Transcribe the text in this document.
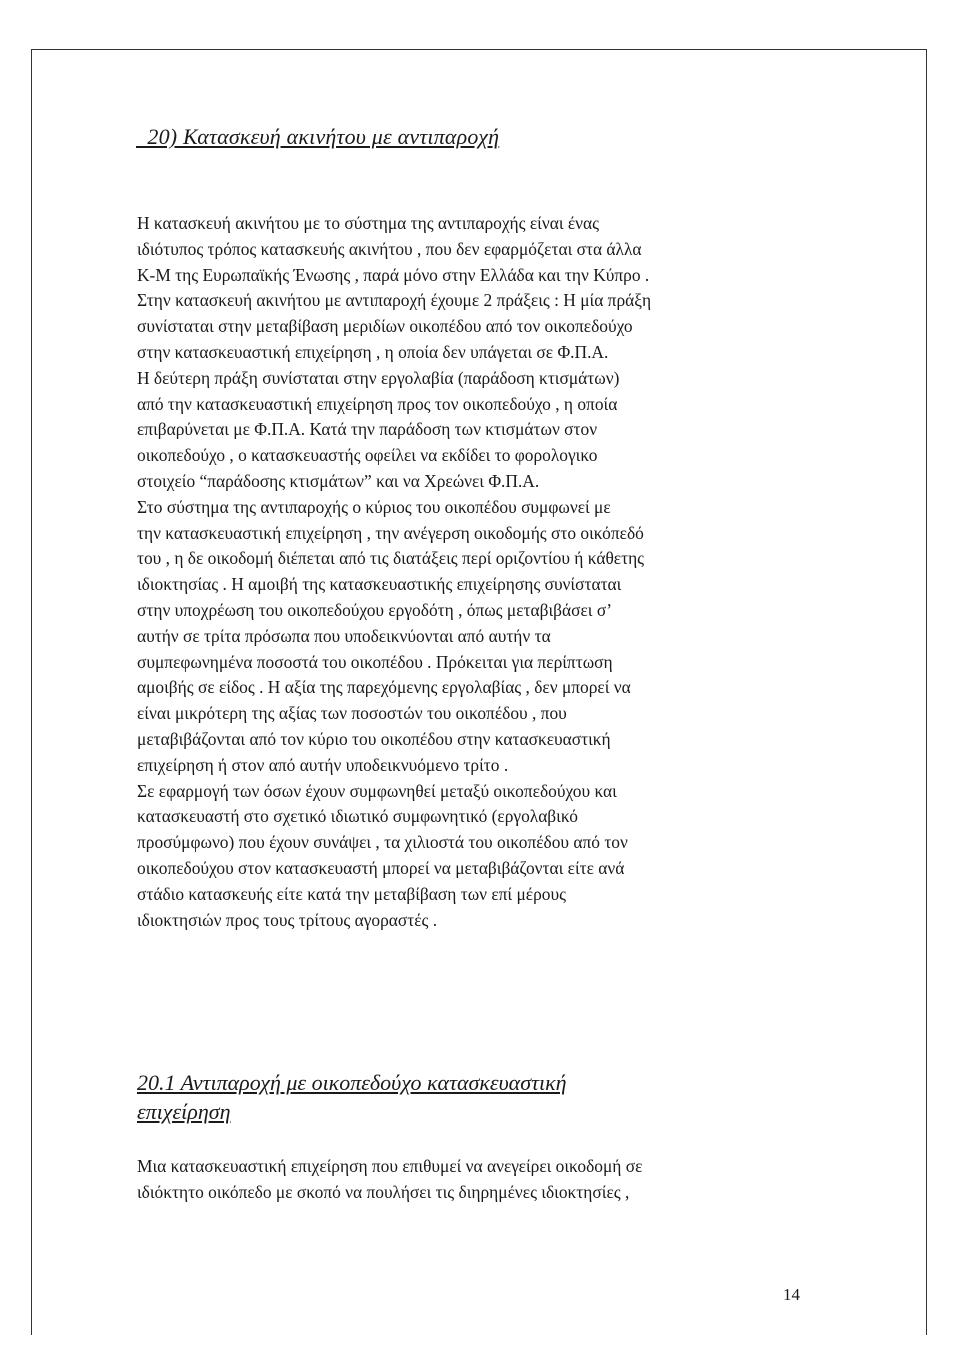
20) Κατασκευή ακινήτου με αντιπαροχή

Η κατασκευή ακινήτου με το σύστημα της αντιπαροχής είναι ένας
ιδιότυπος τρόπος κατασκευής ακινήτου , που δεν εφαρμόζεται στα άλλα
Κ-Μ της Ευρωπαϊκής Ένωσης , παρά μόνο στην Ελλάδα και την Κύπρο .
Στην κατασκευή ακινήτου με αντιπαροχή έχουμε 2 πράξεις : Η μία πράξη
συνίσταται στην μεταβίβαση μεριδίων οικοπέδου από τον οικοπεδούχο
στην κατασκευαστική επιχείρηση , η οποία δεν υπάγεται σε Φ.Π.Α.

Η δεύτερη πράξη συνίσταται στην εργολαβία (παράδοση κτισμάτων)
από την κατασκευαστική επιχείρηση προς τον οικοπεδούχο , η οποία
επιβαρύνεται με Φ.Π.Α. Κατά την παράδοση των κτισμάτων στον
οικοπεδούχο , ο κατασκευαστής οφείλει να εκδίδει το φορολογικο
στοιχείο “παράδοσης κτισμάτων” και να Χρεώνει Φ.Π.Α.

Στο σύστημα της αντιπαροχής ο κύριος του οικοπέδου συμφωνεί με
την κατασκευαστική επιχείρηση , την ανέγερση οικοδομής στο οικόπεδό
του , η δε οικοδομή διέπεται από τις διατάξεις περί οριζοντίου ή κάθετης
ιδιοκτησίας . Η αμοιβή της κατασκευαστικής επιχείρησης συνίσταται
στην υποχρέωση του οικοπεδούχου εργοδότη , όπως μεταβιβάσει σ’
αυτήν σε τρίτα πρόσωπα που υποδεικνύονται από αυτήν τα
συμπεφωνημένα ποσοστά του οικοπέδου . Πρόκειται για περίπτωση
αμοιβής σε είδος . Η αξία της παρεχόμενης εργολαβίας , δεν μπορεί να
είναι μικρότερη της αξίας των ποσοστών του οικοπέδου , που
μεταβιβάζονται από τον κύριο του οικοπέδου στην κατασκευαστική
επιχείρηση ή στον από αυτήν υποδεικνυόμενο τρίτο .

Σε εφαρμογή των όσων έχουν συμφωνηθεί μεταξύ οικοπεδούχου και
κατασκευαστή στο σχετικό ιδιωτικό συμφωνητικό (εργολαβικό
προσύμφωνο) που έχουν συνάψει , τα χιλιοστά του οικοπέδου από τον
οικοπεδούχου στον κατασκευαστή μπορεί να μεταβιβάζονται είτε ανά
στάδιο κατασκευής είτε κατά την μεταβίβαση των επί μέρους
ιδιοκτησιών προς τους τρίτους αγοραστές .

20.1 Αντιπαροχή με οικοπεδούχο κατασκευαστική
επιχείρηση

Μια κατασκευαστική επιχείρηση που επιθυμεί να ανεγείρει οικοδομή σε
ιδιόκτητο οικόπεδο με σκοπό να πουλήσει τις διηρημένες ιδιοκτησίες ,

14
